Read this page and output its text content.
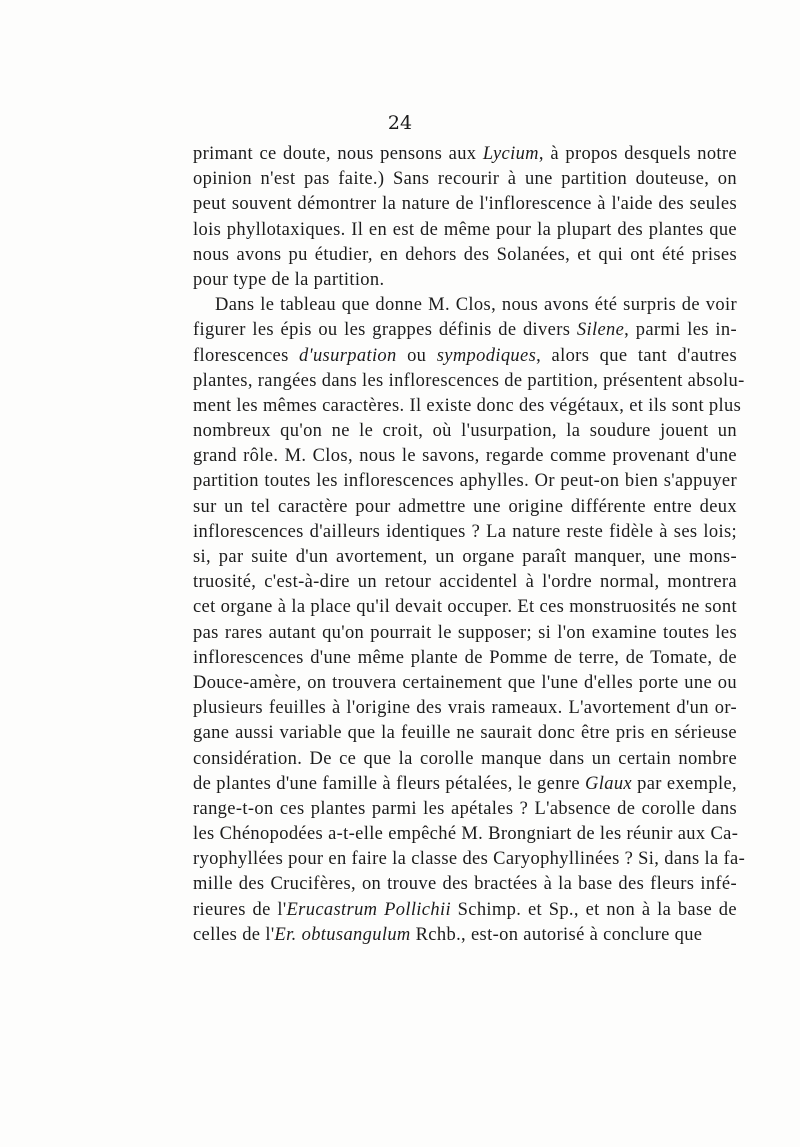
24
primant ce doute, nous pensons aux Lycium, à propos desquels notre
opinion n'est pas faite.) Sans recourir à une partition douteuse, on
peut souvent démontrer la nature de l'inflorescence à l'aide des seules
lois phyllotaxiques. Il en est de même pour la plupart des plantes que
nous avons pu étudier, en dehors des Solanées, et qui ont été prises
pour type de la partition.
Dans le tableau que donne M. Clos, nous avons été surpris de voir
figurer les épis ou les grappes définis de divers Silene, parmi les in-
florescences d'usurpation ou sympodiques, alors que tant d'autres
plantes, rangées dans les inflorescences de partition, présentent absolu-
ment les mêmes caractères. Il existe donc des végétaux, et ils sont plus
nombreux qu'on ne le croit, où l'usurpation, la soudure jouent un
grand rôle. M. Clos, nous le savons, regarde comme provenant d'une
partition toutes les inflorescences aphylles. Or peut-on bien s'appuyer
sur un tel caractère pour admettre une origine différente entre deux
inflorescences d'ailleurs identiques ? La nature reste fidèle à ses lois;
si, par suite d'un avortement, un organe paraît manquer, une mons-
truosité, c'est-à-dire un retour accidentel à l'ordre normal, montrera
cet organe à la place qu'il devait occuper. Et ces monstruosités ne sont
pas rares autant qu'on pourrait le supposer; si l'on examine toutes les
inflorescences d'une même plante de Pomme de terre, de Tomate, de
Douce-amère, on trouvera certainement que l'une d'elles porte une ou
plusieurs feuilles à l'origine des vrais rameaux. L'avortement d'un or-
gane aussi variable que la feuille ne saurait donc être pris en sérieuse
considération. De ce que la corolle manque dans un certain nombre
de plantes d'une famille à fleurs pétalées, le genre Glaux par exemple,
range-t-on ces plantes parmi les apétales ? L'absence de corolle dans
les Chénopodées a-t-elle empêché M. Brongniart de les réunir aux Ca-
ryophyllées pour en faire la classe des Caryophyllinées ? Si, dans la fa-
mille des Crucifères, on trouve des bractées à la base des fleurs infé-
rieures de l'Erucastrum Pollichii Schimp. et Sp., et non à la base de
celles de l'Er. obtusangulum Rchb., est-on autorisé à conclure que
